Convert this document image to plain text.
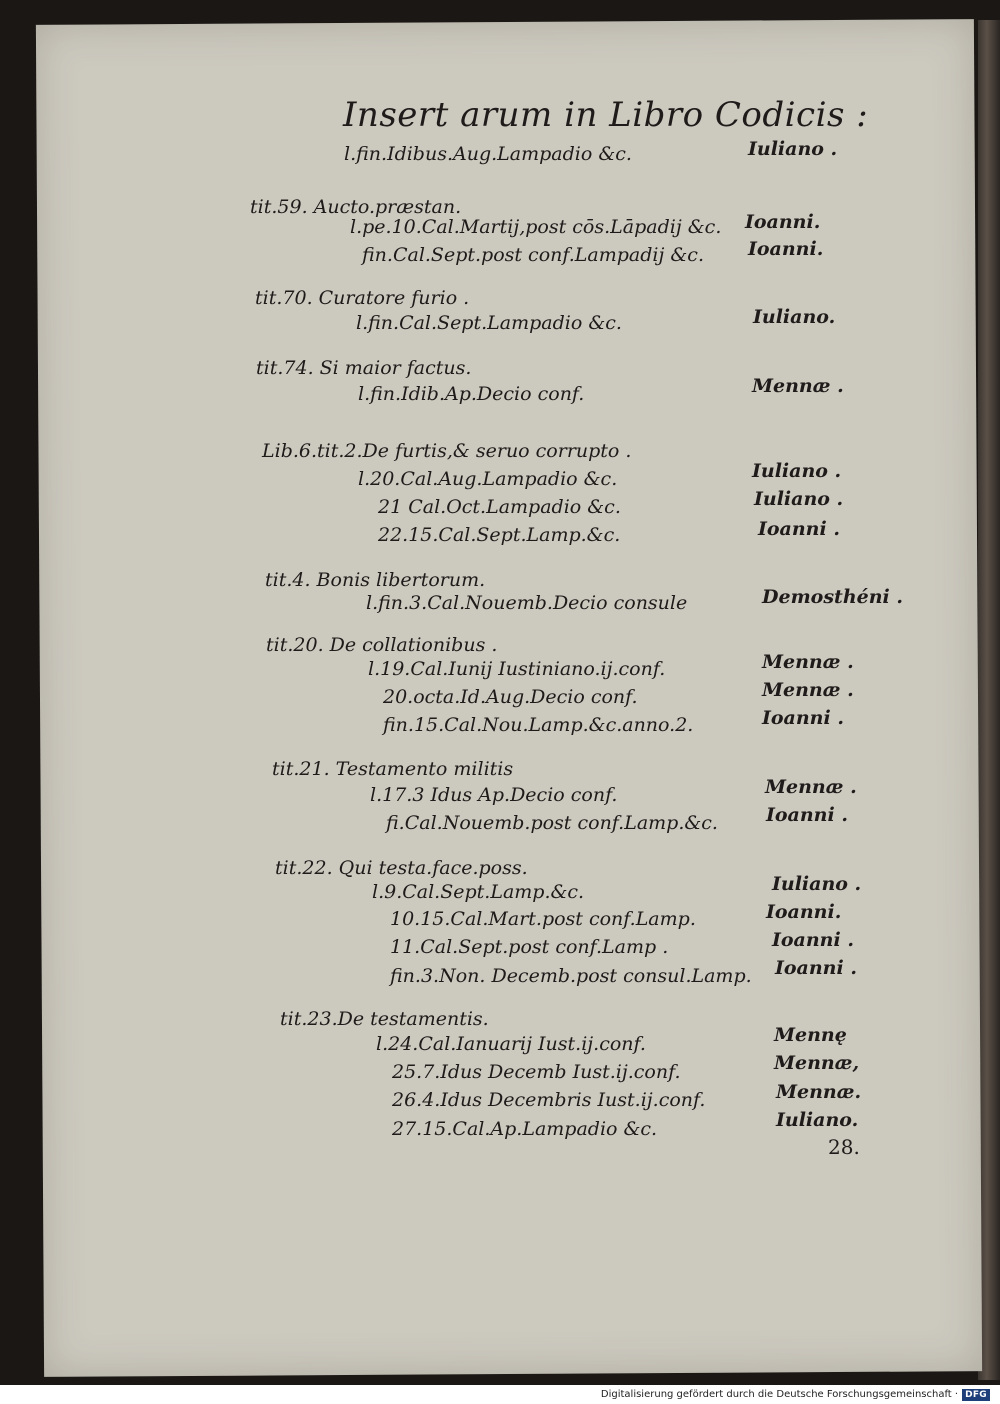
Insert arum in Libro Codicis :
l.fin.Idibus.Aug.Lampadio &c.	Iuliano .
tit.59. Aucto.præstan.
l.pe.10.Cal.Martij,post cōs.Lāpadij &c. Ioanni.
fin.Cal.Sept.post conf.Lampadij &c. Ioanni.
tit.70. Curatore furio .
l.fin.Cal.Sept.Lampadio &c.	Iuliano.
tit.74. Si maior factus.
l.fin.Idib.Ap.Decio conf.	Mennæ .
Lib.6.tit.2.De furtis,& seruo corrupto .
l.20.Cal.Aug.Lampadio &c.	Iuliano .
21 Cal.Oct.Lampadio &c.	Iuliano .
22.15.Cal.Sept.Lamp.&c.	Ioanni .
tit.4. Bonis libertorum.
l.fin.3.Cal.Nouemb.Decio consule	Demosthéni .
tit.20. De collationibus .
l.19.Cal.Iunij Iustiniano.ij.conf.	Mennæ .
20.octa.Id.Aug.Decio conf.	Mennæ .
fin.15.Cal.Nou.Lamp.&c.anno.2.	Ioanni .
tit.21. Testamento militis
l.17.3 Idus Ap.Decio conf.	Mennæ .
fi.Cal.Nouemb.post conf.Lamp.&c.	Ioanni .
tit.22. Qui testa.face.poss.
l.9.Cal.Sept.Lamp.&c.	Iuliano .
10.15.Cal.Mart.post conf.Lamp.	Ioanni.
11.Cal.Sept.post conf.Lamp .	Ioanni .
fin.3.Non. Decemb.post consul.Lamp. Ioanni .
tit.23.De testamentis.
l.24.Cal.Ianuarij Iust.ij.conf.	Mennę
25.7.Idus Decemb Iust.ij.conf.	Mennæ,
26.4.Idus Decembris Iust.ij.conf.	Mennæ.
27.15.Cal.Ap.Lampadio &c.	Iuliano.
28.
Digitalisierung gefördert durch die Deutsche Forschungsgemeinschaft · DFG
